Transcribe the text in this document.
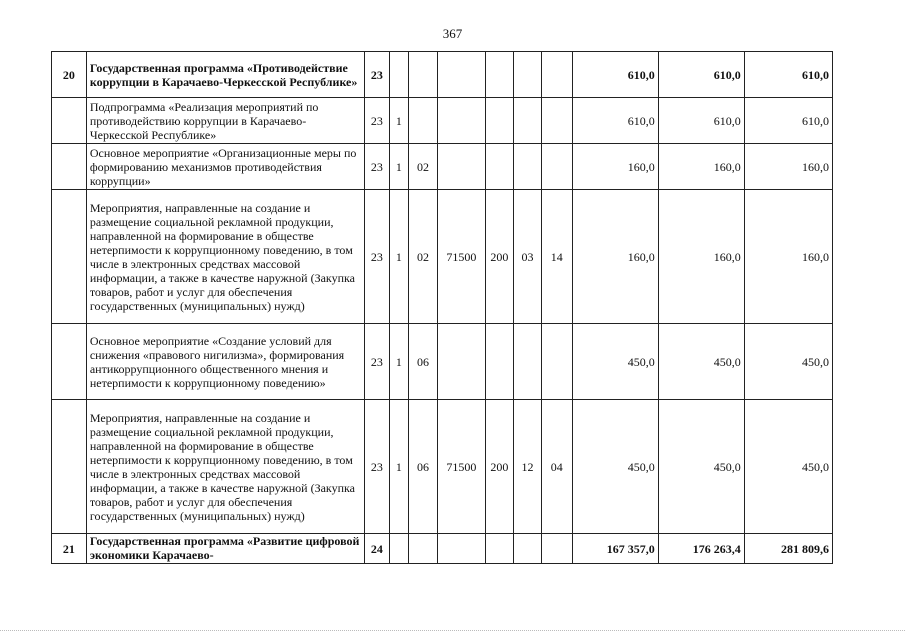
367
20	Государственная программа «Противодействие коррупции в Карачаево-Черкесской Республике»	23							610,0	610,0	610,0
	Подпрограмма «Реализация мероприятий по противодействию коррупции в Карачаево-Черкесской Республике»	23	1						610,0	610,0	610,0
	Основное мероприятие «Организационные меры по формированию механизмов противодействия коррупции»	23	1	02					160,0	160,0	160,0
	Мероприятия, направленные на создание и размещение социальной рекламной продукции, направленной на формирование в обществе нетерпимости к коррупционному поведению, в том числе в электронных средствах массовой информации, а также в качестве наружной (Закупка товаров, работ и услуг для обеспечения государственных (муниципальных) нужд)	23	1	02	71500	200	03	14	160,0	160,0	160,0
	Основное мероприятие «Создание условий для снижения «правового нигилизма», формирования антикоррупционного общественного мнения и нетерпимости к коррупционному поведению»	23	1	06					450,0	450,0	450,0
	Мероприятия, направленные на создание и размещение социальной рекламной продукции, направленной на формирование в обществе нетерпимости к коррупционному поведению, в том числе в электронных средствах массовой информации, а также в качестве наружной (Закупка товаров, работ и услуг для обеспечения государственных (муниципальных) нужд)	23	1	06	71500	200	12	04	450,0	450,0	450,0
21	Государственная программа «Развитие цифровой экономики Карачаево-	24							167 357,0	176 263,4	281 809,6
